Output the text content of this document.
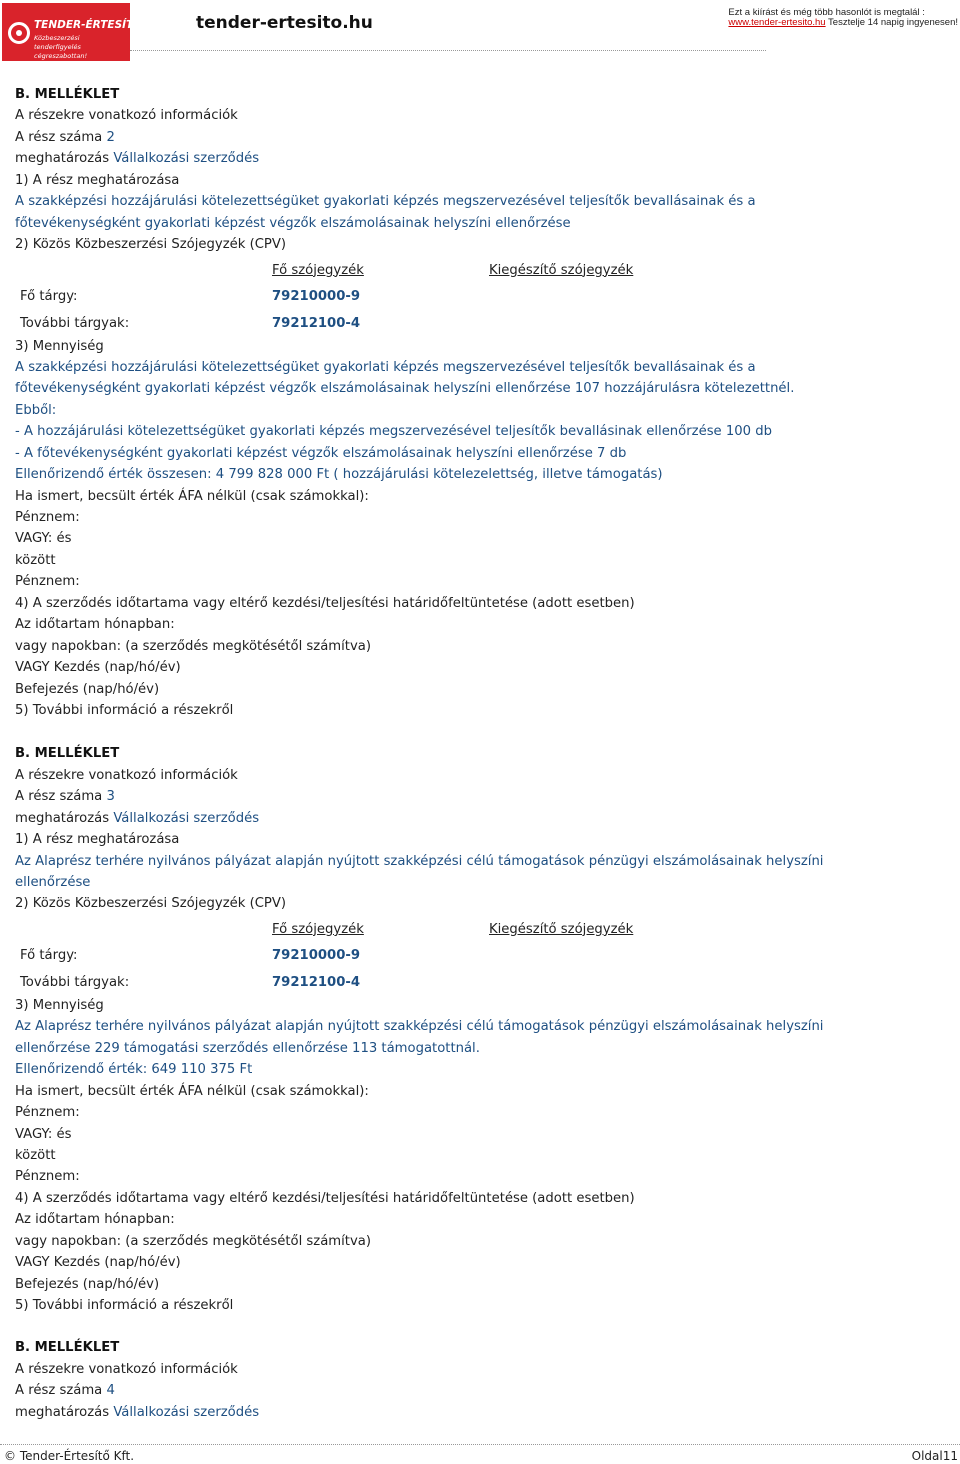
TENDER-ÉRTESÍTŐ.hu
Közbeszerzési tenderfigyelés cégreszabottan!
tender-ertesito.hu
Ezt a kiírást és még több hasonlót is megtalál :
www.tender-ertesito.hu Tesztelje 14 napig ingyenesen!
B. MELLÉKLET
A részekre vonatkozó információk
A rész száma 2
meghatározás Vállalkozási szerződés
1) A rész meghatározása
A szakképzési hozzájárulási kötelezettségüket gyakorlati képzés megszervezésével teljesítők bevallásainak és a
főtevékenységként gyakorlati képzést végzők elszámolásainak helyszíni ellenőrzése
2) Közös Közbeszerzési Szójegyzék (CPV)
Fő szójegyzék	Kiegészítő szójegyzék
Fő tárgy:	79210000-9
További tárgyak:	79212100-4
3) Mennyiség
A szakképzési hozzájárulási kötelezettségüket gyakorlati képzés megszervezésével teljesítők bevallásainak és a
főtevékenységként gyakorlati képzést végzők elszámolásainak helyszíni ellenőrzése 107 hozzájárulásra kötelezettnél.
Ebből:
- A hozzájárulási kötelezettségüket gyakorlati képzés megszervezésével teljesítők bevallásinak ellenőrzése 100 db
- A főtevékenységként gyakorlati képzést végzők elszámolásainak helyszíni ellenőrzése 7 db
Ellenőrizendő érték összesen: 4 799 828 000 Ft ( hozzájárulási kötelezelettség, illetve támogatás)
Ha ismert, becsült érték ÁFA nélkül (csak számokkal):
Pénznem:
VAGY: és
között
Pénznem:
4) A szerződés időtartama vagy eltérő kezdési/teljesítési határidőfeltüntetése (adott esetben)
Az időtartam hónapban:
vagy napokban: (a szerződés megkötésétől számítva)
VAGY Kezdés (nap/hó/év)
Befejezés (nap/hó/év)
5) További információ a részekről
B. MELLÉKLET
A részekre vonatkozó információk
A rész száma 3
meghatározás Vállalkozási szerződés
1) A rész meghatározása
Az Alaprész terhére nyilvános pályázat alapján nyújtott szakképzési célú támogatások pénzügyi elszámolásainak helyszíni
ellenőrzése
2) Közös Közbeszerzési Szójegyzék (CPV)
Fő szójegyzék	Kiegészítő szójegyzék
Fő tárgy:	79210000-9
További tárgyak:	79212100-4
3) Mennyiség
Az Alaprész terhére nyilvános pályázat alapján nyújtott szakképzési célú támogatások pénzügyi elszámolásainak helyszíni
ellenőrzése 229 támogatási szerződés ellenőrzése 113 támogatottnál.
Ellenőrizendő érték: 649 110 375 Ft
Ha ismert, becsült érték ÁFA nélkül (csak számokkal):
Pénznem:
VAGY: és
között
Pénznem:
4) A szerződés időtartama vagy eltérő kezdési/teljesítési határidőfeltüntetése (adott esetben)
Az időtartam hónapban:
vagy napokban: (a szerződés megkötésétől számítva)
VAGY Kezdés (nap/hó/év)
Befejezés (nap/hó/év)
5) További információ a részekről
B. MELLÉKLET
A részekre vonatkozó információk
A rész száma 4
meghatározás Vállalkozási szerződés
© Tender-Értesítő Kft.	Oldal11
